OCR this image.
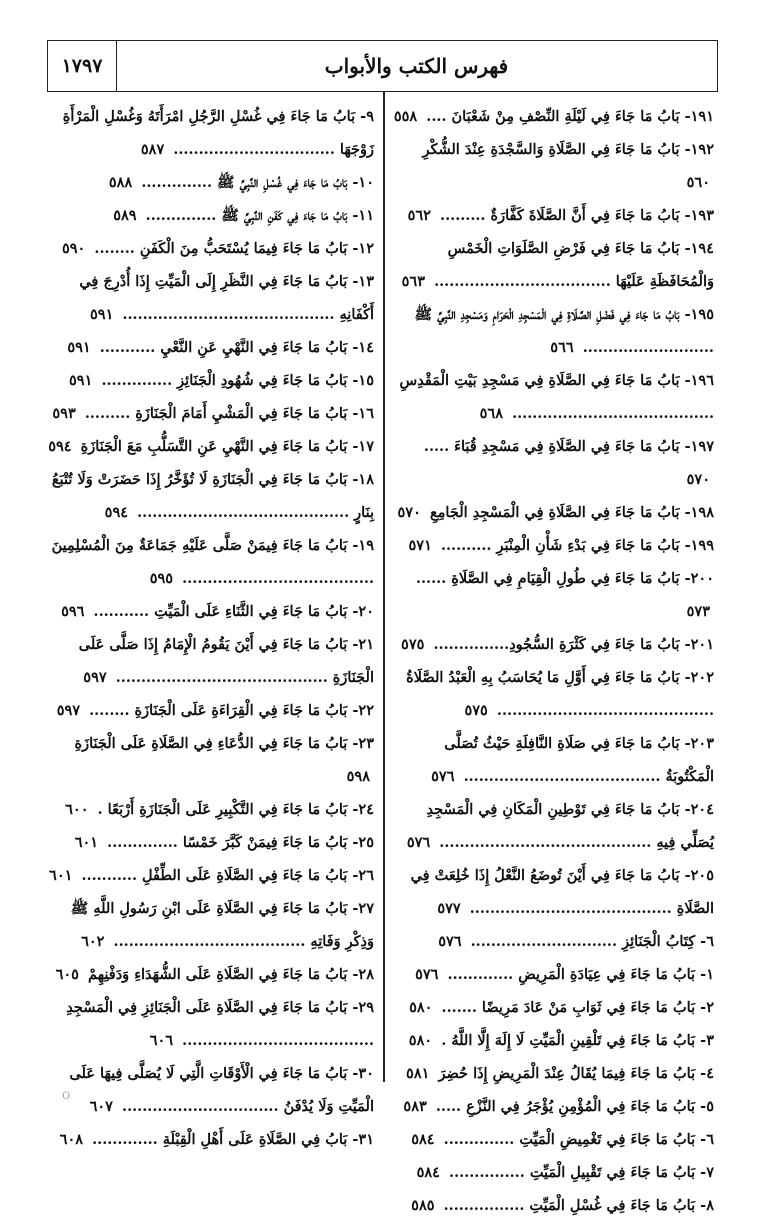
١٧٩٧	فهرس الكتب والأبواب
١٩١- بَابُ مَا جَاءَ فِي لَيْلَةِ النِّصْفِ مِنْ شَعْبَانَ .... ٥٥٨
١٩٢- بَابُ مَا جَاءَ فِي الصَّلَاةِ وَالسَّجْدَةِ عِنْدَ الشُّكْرِ ٥٦٠
١٩٣- بَابُ مَا جَاءَ فِي أَنَّ الصَّلَاةَ كَفَّارَةٌ ......... ٥٦٢
١٩٤- بَابُ مَا جَاءَ فِي فَرْضِ الصَّلَوَاتِ الْخَمْسِ وَالْمُحَافَظَةِ عَلَيْهَا ................................... ٥٦٣
١٩٥- بَابُ مَا جَاءَ فِي فَضْلِ الصَّلَاةِ فِي الْمَسْجِدِ الْحَرَامِ وَمَسْجِدِ النَّبِيِّ ﷺ .......................... ٥٦٦
١٩٦- بَابُ مَا جَاءَ فِي الصَّلَاةِ فِي مَسْجِدِ بَيْتِ الْمَقْدِسِ ........................................ ٥٦٨
١٩٧- بَابُ مَا جَاءَ فِي الصَّلَاةِ فِي مَسْجِدِ قُبَاءَ ..... ٥٧٠
١٩٨- بَابُ مَا جَاءَ فِي الصَّلَاةِ فِي الْمَسْجِدِ الْجَامِعِ ٥٧٠
١٩٩- بَابُ مَا جَاءَ فِي بَدْءِ شَأْنِ الْمِنْبَرِ .......... ٥٧١
٢٠٠- بَابُ مَا جَاءَ فِي طُولِ الْقِيَامِ فِي الصَّلَاةِ ...... ٥٧٣
٢٠١- بَابُ مَا جَاءَ فِي كَثْرَةِ السُّجُودِ............... ٥٧٥
٢٠٢- بَابُ مَا جَاءَ فِي أَوَّلِ مَا يُحَاسَبُ بِهِ الْعَبْدُ الصَّلَاةُ ........................................... ٥٧٥
٢٠٣- بَابُ مَا جَاءَ فِي صَلَاةِ النَّافِلَةِ حَيْثُ تُصَلَّى الْمَكْتُوبَةُ ....................................... ٥٧٦
٢٠٤- بَابُ مَا جَاءَ فِي تَوْطِينِ الْمَكَانِ فِي الْمَسْجِدِ يُصَلِّي فِيهِ .......................................... ٥٧٦
٢٠٥- بَابُ مَا جَاءَ فِي أَيْنَ تُوضَعُ النَّعْلُ إِذَا خُلِعَتْ فِي الصَّلَاةِ ........................................ ٥٧٧
٦- كِتَابُ الْجَنَائِزِ ............................. ٥٧٦
١- بَابُ مَا جَاءَ فِي عِيَادَةِ الْمَرِيضِ ............. ٥٧٦
٢- بَابُ مَا جَاءَ فِي ثَوَابِ مَنْ عَادَ مَرِيضًا ....... ٥٨٠
٣- بَابُ مَا جَاءَ فِي تَلْقِينِ الْمَيِّتِ لَا إِلَهَ إِلَّا اللَّهُ . ٥٨٠
٤- بَابُ مَا جَاءَ فِيمَا يُقَالُ عِنْدَ الْمَرِيضِ إِذَا حُضِرَ ٥٨١
٥- بَابُ مَا جَاءَ فِي الْمُؤْمِنِ يُؤْجَرُ فِي النَّزْعِ ..... ٥٨٣
٦- بَابُ مَا جَاءَ فِي تَغْمِيضِ الْمَيِّتِ .............. ٥٨٤
٧- بَابُ مَا جَاءَ فِي تَقْبِيلِ الْمَيِّتِ ............... ٥٨٤
٨- بَابُ مَا جَاءَ فِي غُسْلِ الْمَيِّتِ ................ ٥٨٥
٩- بَابُ مَا جَاءَ فِي غُسْلِ الرَّجُلِ امْرَأَتَهُ وَغُسْلِ الْمَرْأَةِ زَوْجَهَا ................................ ٥٨٧
١٠- بَابُ مَا جَاءَ فِي غُسْلِ النَّبِيِّ ﷺ .............. ٥٨٨
١١- بَابُ مَا جَاءَ فِي كَفَنِ النَّبِيِّ ﷺ .............. ٥٨٩
١٢- بَابُ مَا جَاءَ فِيمَا يُسْتَحَبُّ مِنَ الْكَفَنِ ........ ٥٩٠
١٣- بَابُ مَا جَاءَ فِي النَّظَرِ إِلَى الْمَيِّتِ إِذَا أُدْرِجَ فِي أَكْفَانِهِ .......................................... ٥٩١
١٤- بَابُ مَا جَاءَ فِي النَّهْيِ عَنِ النَّعْيِ ........... ٥٩١
١٥- بَابُ مَا جَاءَ فِي شُهُودِ الْجَنَائِزِ .............. ٥٩١
١٦- بَابُ مَا جَاءَ فِي الْمَشْيِ أَمَامَ الْجَنَازَةِ ......... ٥٩٣
١٧- بَابُ مَا جَاءَ فِي النَّهْيِ عَنِ التَّسَلُّبِ مَعَ الْجَنَازَةِ ٥٩٤
١٨- بَابُ مَا جَاءَ فِي الْجَنَازَةِ لَا تُؤَخَّرُ إِذَا حَضَرَتْ وَلَا تُتْبَعُ بِنَارٍ .......................................... ٥٩٤
١٩- بَابُ مَا جَاءَ فِيمَنْ صَلَّى عَلَيْهِ جَمَاعَةٌ مِنَ الْمُسْلِمِينَ ...................................... ٥٩٥
٢٠- بَابُ مَا جَاءَ فِي الثَّنَاءِ عَلَى الْمَيِّتِ ........... ٥٩٦
٢١- بَابُ مَا جَاءَ فِي أَيْنَ يَقُومُ الْإِمَامُ إِذَا صَلَّى عَلَى الْجَنَازَةِ .......................................... ٥٩٧
٢٢- بَابُ مَا جَاءَ فِي الْقِرَاءَةِ عَلَى الْجَنَازَةِ ........ ٥٩٧
٢٣- بَابُ مَا جَاءَ فِي الدُّعَاءِ فِي الصَّلَاةِ عَلَى الْجَنَازَةِ ٥٩٨
٢٤- بَابُ مَا جَاءَ فِي التَّكْبِيرِ عَلَى الْجَنَازَةِ أَرْبَعًا . ٦٠٠
٢٥- بَابُ مَا جَاءَ فِيمَنْ كَبَّرَ خَمْسًا .............. ٦٠١
٢٦- بَابُ مَا جَاءَ فِي الصَّلَاةِ عَلَى الطِّفْلِ ........... ٦٠١
٢٧- بَابُ مَا جَاءَ فِي الصَّلَاةِ عَلَى ابْنِ رَسُولِ اللَّهِ ﷺ وَذِكْرِ وَفَاتِهِ ...................................... ٦٠٢
٢٨- بَابُ مَا جَاءَ فِي الصَّلَاةِ عَلَى الشُّهَدَاءِ وَدَفْنِهِمْ ٦٠٥
٢٩- بَابُ مَا جَاءَ فِي الصَّلَاةِ عَلَى الْجَنَائِزِ فِي الْمَسْجِدِ ...................................... ٦٠٦
٣٠- بَابُ مَا جَاءَ فِي الْأَوْقَاتِ الَّتِي لَا يُصَلَّى فِيهَا عَلَى الْمَيِّتِ وَلَا يُدْفَنُ ............................... ٦٠٧
٣١- بَابُ فِي الصَّلَاةِ عَلَى أَهْلِ الْقِبْلَةِ ............. ٦٠٨
O
